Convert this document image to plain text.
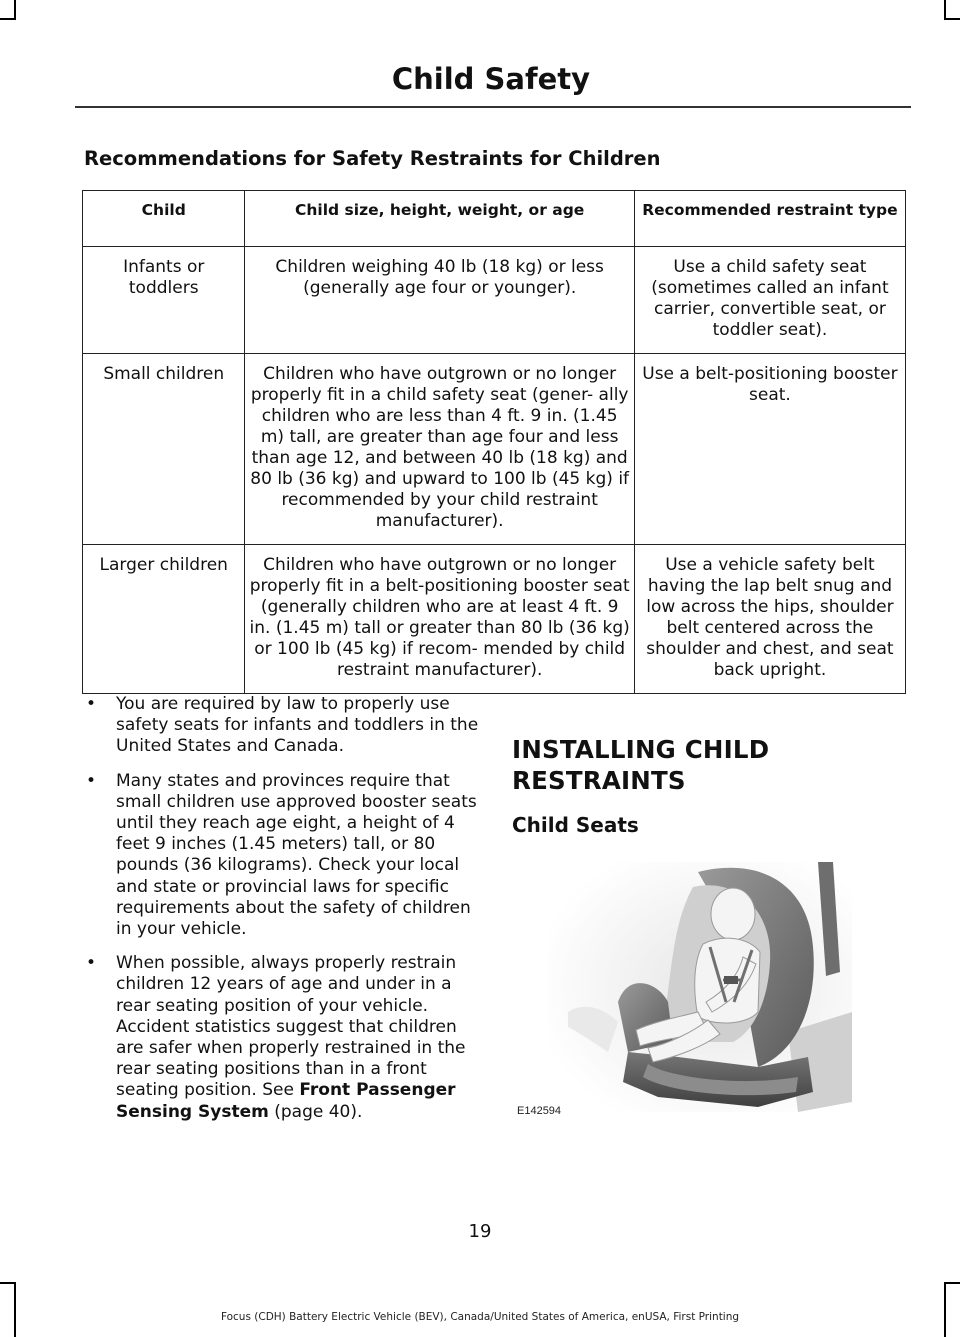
Child Safety
Recommendations for Safety Restraints for Children
Child	Child size, height, weight, or age	Recommended restraint type
Infants or toddlers	Children weighing 40 lb (18 kg) or less (generally age four or younger).	Use a child safety seat (sometimes called an infant carrier, convertible seat, or toddler seat).
Small children	Children who have outgrown or no longer properly fit in a child safety seat (gener- ally children who are less than 4 ft. 9 in. (1.45 m) tall, are greater than age four and less than age 12, and between 40 lb (18 kg) and 80 lb (36 kg) and upward to 100 lb (45 kg) if recommended by your child restraint manufacturer).	Use a belt-positioning booster seat.
Larger children	Children who have outgrown or no longer properly fit in a belt-positioning booster seat (generally children who are at least 4 ft. 9 in. (1.45 m) tall or greater than 80 lb (36 kg) or 100 lb (45 kg) if recom- mended by child restraint manufacturer).	Use a vehicle safety belt having the lap belt snug and low across the hips, shoulder belt centered across the shoulder and chest, and seat back upright.
• You are required by law to properly use safety seats for infants and toddlers in the United States and Canada.
• Many states and provinces require that small children use approved booster seats until they reach age eight, a height of 4 feet 9 inches (1.45 meters) tall, or 80 pounds (36 kilograms). Check your local and state or provincial laws for specific requirements about the safety of children in your vehicle.
• When possible, always properly restrain children 12 years of age and under in a rear seating position of your vehicle. Accident statistics suggest that children are safer when properly restrained in the rear seating positions than in a front seating position. See Front Passenger Sensing System (page 40).
INSTALLING CHILD RESTRAINTS
Child Seats
E142594
19
Focus (CDH) Battery Electric Vehicle (BEV), Canada/United States of America, enUSA, First Printing
